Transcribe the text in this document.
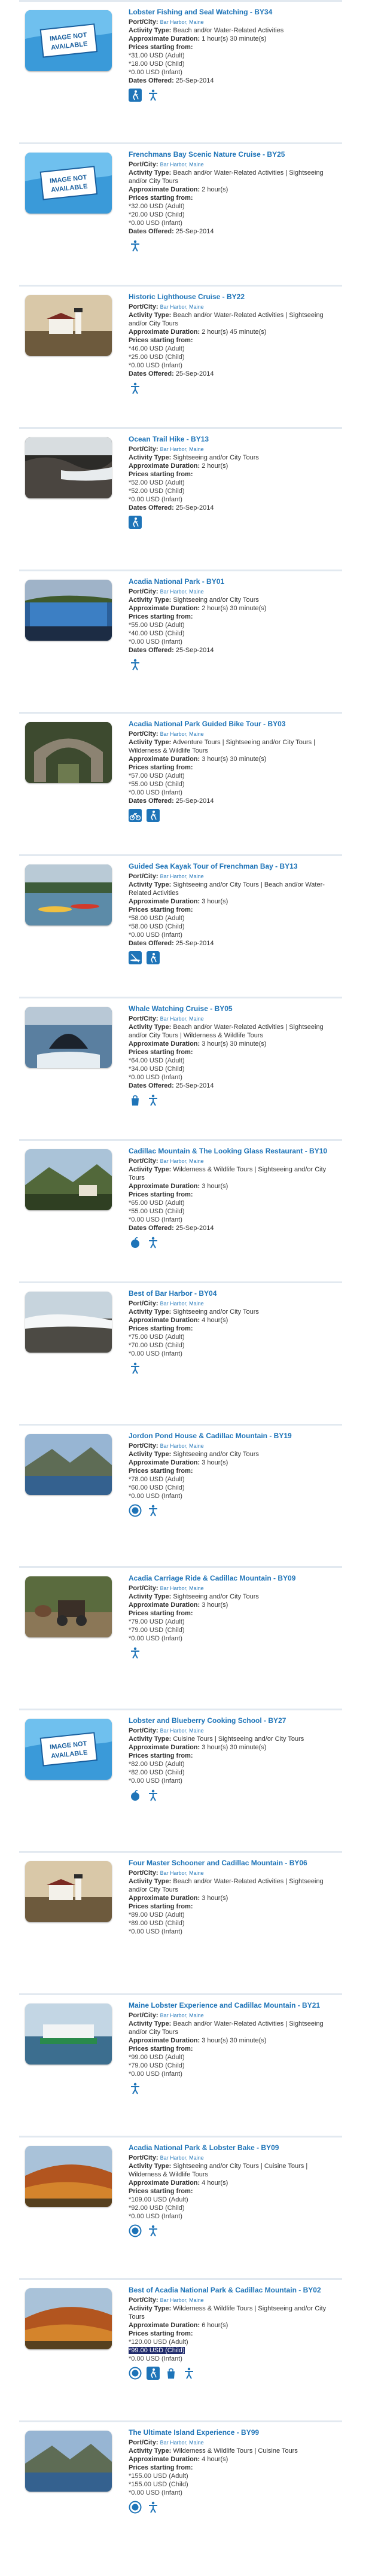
IMAGE NOT
AVAILABLE
Lobster Fishing and Seal Watching - BY34
Port/City: Bar Harbor, Maine
Activity Type: Beach and/or Water-Related Activities
Approximate Duration: 1 hour(s) 30 minute(s)
Prices starting from:
*31.00 USD (Adult)
*18.00 USD (Child)
*0.00 USD (Infant)
Dates Offered: 25-Sep-2014
IMAGE NOT
AVAILABLE
Frenchmans Bay Scenic Nature Cruise - BY25
Port/City: Bar Harbor, Maine
Activity Type: Beach and/or Water-Related Activities | Sightseeing and/or City Tours
Approximate Duration: 2 hour(s)
Prices starting from:
*32.00 USD (Adult)
*20.00 USD (Child)
*0.00 USD (Infant)
Dates Offered: 25-Sep-2014
Historic Lighthouse Cruise - BY22
Port/City: Bar Harbor, Maine
Activity Type: Beach and/or Water-Related Activities | Sightseeing and/or City Tours
Approximate Duration: 2 hour(s) 45 minute(s)
Prices starting from:
*46.00 USD (Adult)
*25.00 USD (Child)
*0.00 USD (Infant)
Dates Offered: 25-Sep-2014
Ocean Trail Hike - BY13
Port/City: Bar Harbor, Maine
Activity Type: Sightseeing and/or City Tours
Approximate Duration: 2 hour(s)
Prices starting from:
*52.00 USD (Adult)
*52.00 USD (Child)
*0.00 USD (Infant)
Dates Offered: 25-Sep-2014
Acadia National Park - BY01
Port/City: Bar Harbor, Maine
Activity Type: Sightseeing and/or City Tours
Approximate Duration: 2 hour(s) 30 minute(s)
Prices starting from:
*55.00 USD (Adult)
*40.00 USD (Child)
*0.00 USD (Infant)
Dates Offered: 25-Sep-2014
Acadia National Park Guided Bike Tour - BY03
Port/City: Bar Harbor, Maine
Activity Type: Adventure Tours | Sightseeing and/or City Tours | Wilderness & Wildlife Tours
Approximate Duration: 3 hour(s) 30 minute(s)
Prices starting from:
*57.00 USD (Adult)
*55.00 USD (Child)
*0.00 USD (Infant)
Dates Offered: 25-Sep-2014
Guided Sea Kayak Tour of Frenchman Bay - BY13
Port/City: Bar Harbor, Maine
Activity Type: Sightseeing and/or City Tours | Beach and/or Water-Related Activities
Approximate Duration: 3 hour(s)
Prices starting from:
*58.00 USD (Adult)
*58.00 USD (Child)
*0.00 USD (Infant)
Dates Offered: 25-Sep-2014
Whale Watching Cruise - BY05
Port/City: Bar Harbor, Maine
Activity Type: Beach and/or Water-Related Activities | Sightseeing and/or City Tours | Wilderness & Wildlife Tours
Approximate Duration: 3 hour(s) 30 minute(s)
Prices starting from:
*64.00 USD (Adult)
*34.00 USD (Child)
*0.00 USD (Infant)
Dates Offered: 25-Sep-2014
Cadillac Mountain & The Looking Glass Restaurant - BY10
Port/City: Bar Harbor, Maine
Activity Type: Wilderness & Wildlife Tours | Sightseeing and/or City Tours
Approximate Duration: 3 hour(s)
Prices starting from:
*65.00 USD (Adult)
*55.00 USD (Child)
*0.00 USD (Infant)
Dates Offered: 25-Sep-2014
Best of Bar Harbor - BY04
Port/City: Bar Harbor, Maine
Activity Type: Sightseeing and/or City Tours
Approximate Duration: 4 hour(s)
Prices starting from:
*75.00 USD (Adult)
*70.00 USD (Child)
*0.00 USD (Infant)
Jordon Pond House & Cadillac Mountain - BY19
Port/City: Bar Harbor, Maine
Activity Type: Sightseeing and/or City Tours
Approximate Duration: 3 hour(s)
Prices starting from:
*78.00 USD (Adult)
*60.00 USD (Child)
*0.00 USD (Infant)
Acadia Carriage Ride & Cadillac Mountain - BY09
Port/City: Bar Harbor, Maine
Activity Type: Sightseeing and/or City Tours
Approximate Duration: 3 hour(s)
Prices starting from:
*79.00 USD (Adult)
*79.00 USD (Child)
*0.00 USD (Infant)
IMAGE NOT
AVAILABLE
Lobster and Blueberry Cooking School - BY27
Port/City: Bar Harbor, Maine
Activity Type: Cuisine Tours | Sightseeing and/or City Tours
Approximate Duration: 3 hour(s) 30 minute(s)
Prices starting from:
*82.00 USD (Adult)
*82.00 USD (Child)
*0.00 USD (Infant)
Four Master Schooner and Cadillac Mountain - BY06
Port/City: Bar Harbor, Maine
Activity Type: Beach and/or Water-Related Activities | Sightseeing and/or City Tours
Approximate Duration: 3 hour(s)
Prices starting from:
*89.00 USD (Adult)
*89.00 USD (Child)
*0.00 USD (Infant)
Maine Lobster Experience and Cadillac Mountain - BY21
Port/City: Bar Harbor, Maine
Activity Type: Beach and/or Water-Related Activities | Sightseeing and/or City Tours
Approximate Duration: 3 hour(s) 30 minute(s)
Prices starting from:
*99.00 USD (Adult)
*79.00 USD (Child)
*0.00 USD (Infant)
Acadia National Park & Lobster Bake - BY09
Port/City: Bar Harbor, Maine
Activity Type: Sightseeing and/or City Tours | Cuisine Tours | Wilderness & Wildlife Tours
Approximate Duration: 4 hour(s)
Prices starting from:
*109.00 USD (Adult)
*92.00 USD (Child)
*0.00 USD (Infant)
Best of Acadia National Park & Cadillac Mountain - BY02
Port/City: Bar Harbor, Maine
Activity Type: Wilderness & Wildlife Tours | Sightseeing and/or City Tours
Approximate Duration: 6 hour(s)
Prices starting from:
*120.00 USD (Adult)
*99.00 USD (Child)
*0.00 USD (Infant)
The Ultimate Island Experience - BY99
Port/City: Bar Harbor, Maine
Activity Type: Wilderness & Wildlife Tours | Cuisine Tours
Approximate Duration: 4 hour(s)
Prices starting from:
*155.00 USD (Adult)
*155.00 USD (Child)
*0.00 USD (Infant)
